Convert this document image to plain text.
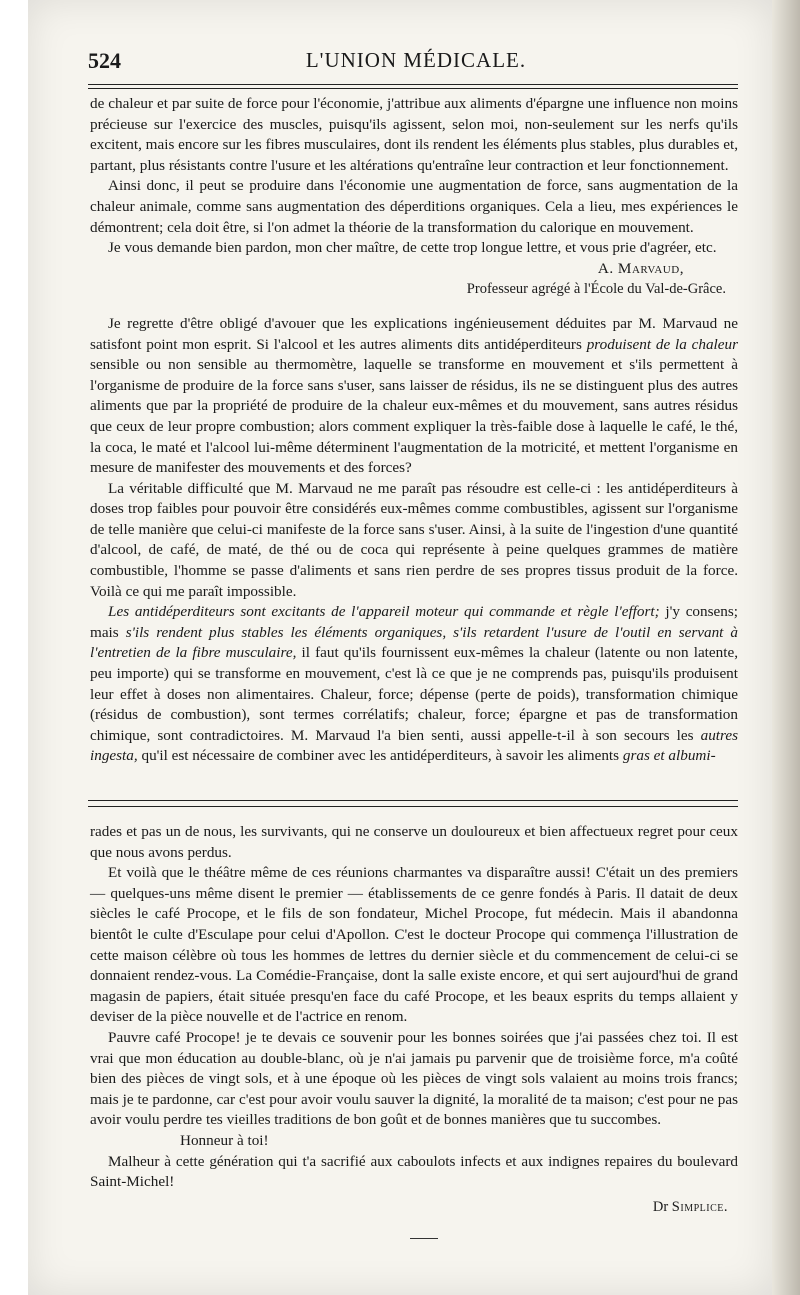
524	L'UNION MÉDICALE.

de chaleur et par suite de force pour l'économie, j'attribue aux aliments d'épargne une influence non moins précieuse sur l'exercice des muscles, puisqu'ils agissent, selon moi, non-seulement sur les nerfs qu'ils excitent, mais encore sur les fibres musculaires, dont ils rendent les éléments plus stables, plus durables et, partant, plus résistants contre l'usure et les altérations qu'entraîne leur contraction et leur fonctionnement.

Ainsi donc, il peut se produire dans l'économie une augmentation de force, sans augmentation de la chaleur animale, comme sans augmentation des déperditions organiques. Cela a lieu, mes expériences le démontrent; cela doit être, si l'on admet la théorie de la transformation du calorique en mouvement.

Je vous demande bien pardon, mon cher maître, de cette trop longue lettre, et vous prie d'agréer, etc.

A. Marvaud,

Professeur agrégé à l'École du Val-de-Grâce.

Je regrette d'être obligé d'avouer que les explications ingénieusement déduites par M. Marvaud ne satisfont point mon esprit. Si l'alcool et les autres aliments dits antidéperditeurs produisent de la chaleur sensible ou non sensible au thermomètre, laquelle se transforme en mouvement et s'ils permettent à l'organisme de produire de la force sans s'user, sans laisser de résidus, ils ne se distinguent plus des autres aliments que par la propriété de produire de la chaleur eux-mêmes et du mouvement, sans autres résidus que ceux de leur propre combustion; alors comment expliquer la très-faible dose à laquelle le café, le thé, la coca, le maté et l'alcool lui-même déterminent l'augmentation de la motricité, et mettent l'organisme en mesure de manifester des mouvements et des forces?

La véritable difficulté que M. Marvaud ne me paraît pas résoudre est celle-ci : les antidéperditeurs à doses trop faibles pour pouvoir être considérés eux-mêmes comme combustibles, agissent sur l'organisme de telle manière que celui-ci manifeste de la force sans s'user. Ainsi, à la suite de l'ingestion d'une quantité d'alcool, de café, de maté, de thé ou de coca qui représente à peine quelques grammes de matière combustible, l'homme se passe d'aliments et sans rien perdre de ses propres tissus produit de la force. Voilà ce qui me paraît impossible.

Les antidéperditeurs sont excitants de l'appareil moteur qui commande et règle l'effort; j'y consens; mais s'ils rendent plus stables les éléments organiques, s'ils retardent l'usure de l'outil en servant à l'entretien de la fibre musculaire, il faut qu'ils fournissent eux-mêmes la chaleur (latente ou non latente, peu importe) qui se transforme en mouvement, c'est là ce que je ne comprends pas, puisqu'ils produisent leur effet à doses non alimentaires. Chaleur, force; dépense (perte de poids), transformation chimique (résidus de combustion), sont termes corrélatifs; chaleur, force; épargne et pas de transformation chimique, sont contradictoires. M. Marvaud l'a bien senti, aussi appelle-t-il à son secours les autres ingesta, qu'il est nécessaire de combiner avec les antidéperditeurs, à savoir les aliments gras et albumi-

rades et pas un de nous, les survivants, qui ne conserve un douloureux et bien affectueux regret pour ceux que nous avons perdus.

Et voilà que le théâtre même de ces réunions charmantes va disparaître aussi! C'était un des premiers — quelques-uns même disent le premier — établissements de ce genre fondés à Paris. Il datait de deux siècles le café Procope, et le fils de son fondateur, Michel Procope, fut médecin. Mais il abandonna bientôt le culte d'Esculape pour celui d'Apollon. C'est le docteur Procope qui commença l'illustration de cette maison célèbre où tous les hommes de lettres du dernier siècle et du commencement de celui-ci se donnaient rendez-vous. La Comédie-Française, dont la salle existe encore, et qui sert aujourd'hui de grand magasin de papiers, était située presqu'en face du café Procope, et les beaux esprits du temps allaient y deviser de la pièce nouvelle et de l'actrice en renom.

Pauvre café Procope! je te devais ce souvenir pour les bonnes soirées que j'ai passées chez toi. Il est vrai que mon éducation au double-blanc, où je n'ai jamais pu parvenir que de troisième force, m'a coûté bien des pièces de vingt sols, et à une époque où les pièces de vingt sols valaient au moins trois francs; mais je te pardonne, car c'est pour avoir voulu sauver la dignité, la moralité de ta maison; c'est pour ne pas avoir voulu perdre tes vieilles traditions de bon goût et de bonnes manières que tu succombes.

Honneur à toi!

Malheur à cette génération qui t'a sacrifié aux caboulots infects et aux indignes repaires du boulevard Saint-Michel!

Dr Simplice.
